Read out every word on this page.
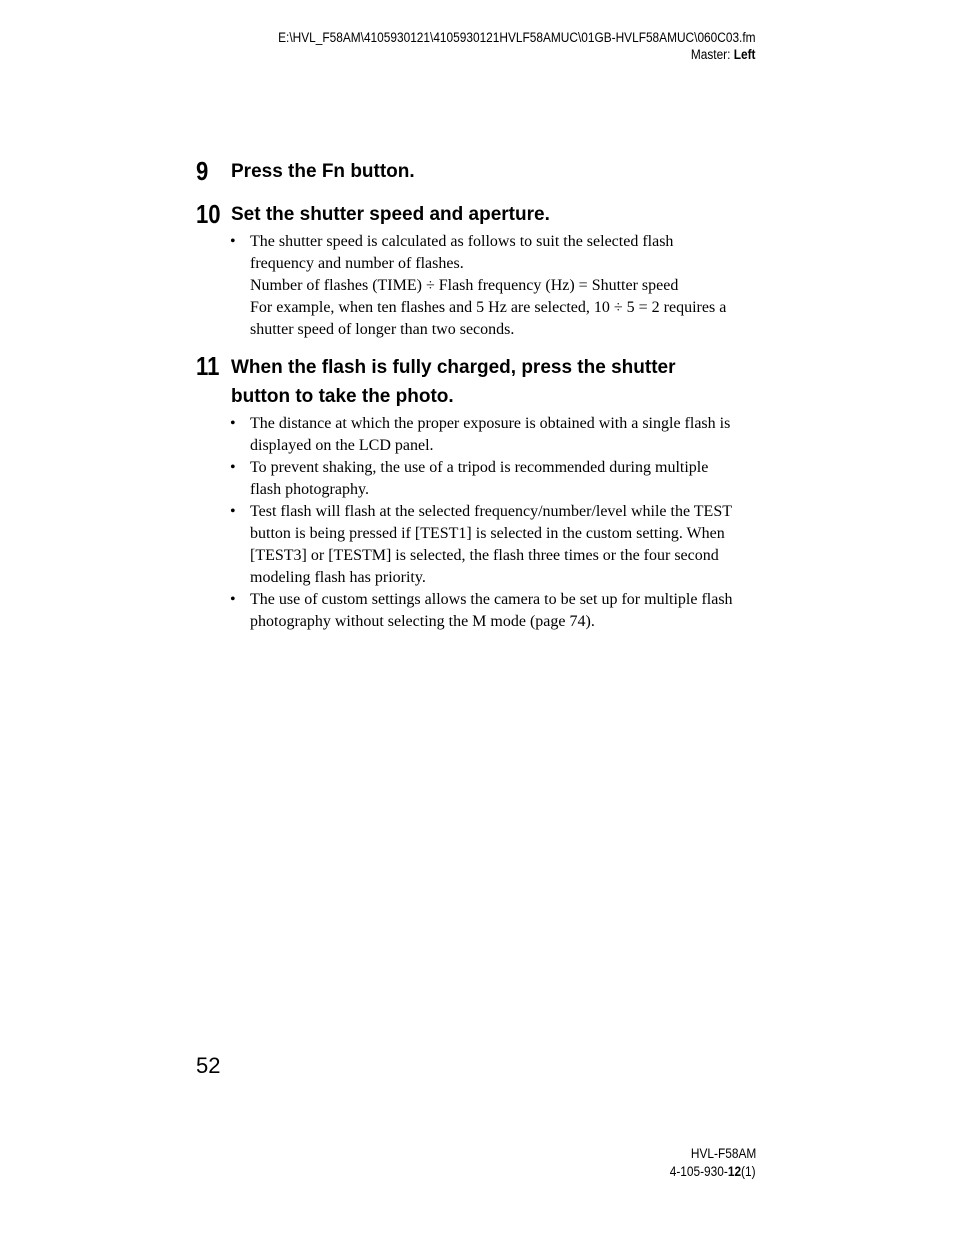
E:\HVL_F58AM\4105930121\4105930121HVLF58AMUC\01GB-HVLF58AMUC\060C03.fm
Master: Left
9 Press the Fn button.
10 Set the shutter speed and aperture.
• The shutter speed is calculated as follows to suit the selected flash
frequency and number of flashes.
Number of flashes (TIME) ÷ Flash frequency (Hz) = Shutter speed
For example, when ten flashes and 5 Hz are selected, 10 ÷ 5 = 2 requires a
shutter speed of longer than two seconds.
11 When the flash is fully charged, press the shutter
button to take the photo.
• The distance at which the proper exposure is obtained with a single flash is
displayed on the LCD panel.
• To prevent shaking, the use of a tripod is recommended during multiple
flash photography.
• Test flash will flash at the selected frequency/number/level while the TEST
button is being pressed if [TEST1] is selected in the custom setting. When
[TEST3] or [TESTM] is selected, the flash three times or the four second
modeling flash has priority.
• The use of custom settings allows the camera to be set up for multiple flash
photography without selecting the M mode (page 74).
52
HVL-F58AM
4-105-930-12(1)
